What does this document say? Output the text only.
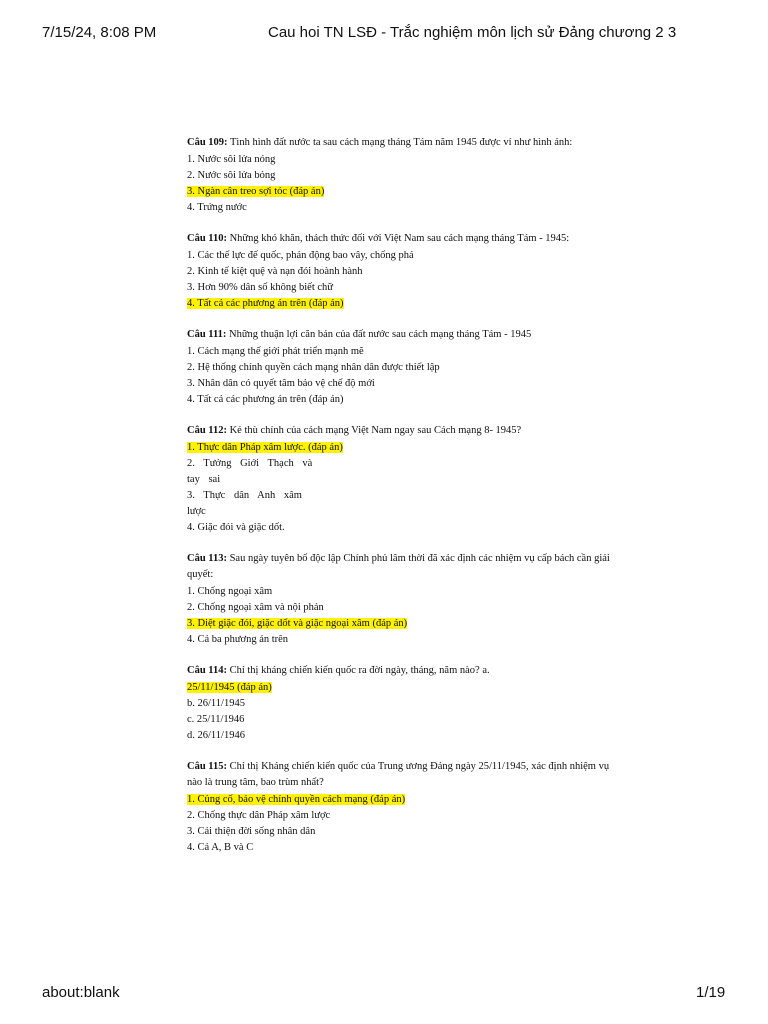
7/15/24, 8:08 PM	Cau hoi TN LSĐ - Trắc nghiệm môn lịch sử Đảng chương 2 3
Câu 109: Tình hình đất nước ta sau cách mạng tháng Tám năm 1945 được ví như hình ảnh:
1. Nước sôi lửa nóng
2. Nước sôi lửa bỏng
3. Ngàn cân treo sợi tóc (đáp án)
4. Trứng nước
Câu 110: Những khó khăn, thách thức đối với Việt Nam sau cách mạng tháng Tám - 1945:
1. Các thế lực đế quốc, phản động bao vây, chống phá
2. Kinh tế kiệt quệ và nạn đói hoành hành
3. Hơn 90% dân số không biết chữ
4. Tất cả các phương án trên (đáp án)
Câu 111: Những thuận lợi căn bản của đất nước sau cách mạng tháng Tám - 1945
1. Cách mạng thế giới phát triển mạnh mẽ
2. Hệ thống chính quyền cách mạng nhân dân được thiết lập
3. Nhân dân có quyết tâm bảo vệ chế độ mới
4. Tất cả các phương án trên (đáp án)
Câu 112: Kẻ thù chính của cách mạng Việt Nam ngay sau Cách mạng 8- 1945?
1. Thực dân Pháp xâm lược. (đáp án)
2. Tưởng Giới Thạch và tay sai
3. Thực dân Anh xâm lược
4. Giặc đói và giặc dốt.
Câu 113: Sau ngày tuyên bố độc lập Chính phủ lâm thời đã xác định các nhiệm vụ cấp bách cần giải quyết:
1. Chống ngoại xâm
2. Chống ngoại xâm và nội phản
3. Diệt giặc đói, giặc dốt và giặc ngoại xâm (đáp án)
4. Cả ba phương án trên
Câu 114: Chỉ thị kháng chiến kiến quốc ra đời ngày, tháng, năm nào? a.
25/11/1945 (đáp án)
b. 26/11/1945
c. 25/11/1946
d. 26/11/1946
Câu 115: Chỉ thị Kháng chiến kiến quốc của Trung ương Đảng ngày 25/11/1945, xác định nhiệm vụ nào là trung tâm, bao trùm nhất?
1. Củng cố, bảo vệ chính quyền cách mạng (đáp án)
2. Chống thực dân Pháp xâm lược
3. Cải thiện đời sống nhân dân
4. Cả A, B và C
about:blank	1/19
